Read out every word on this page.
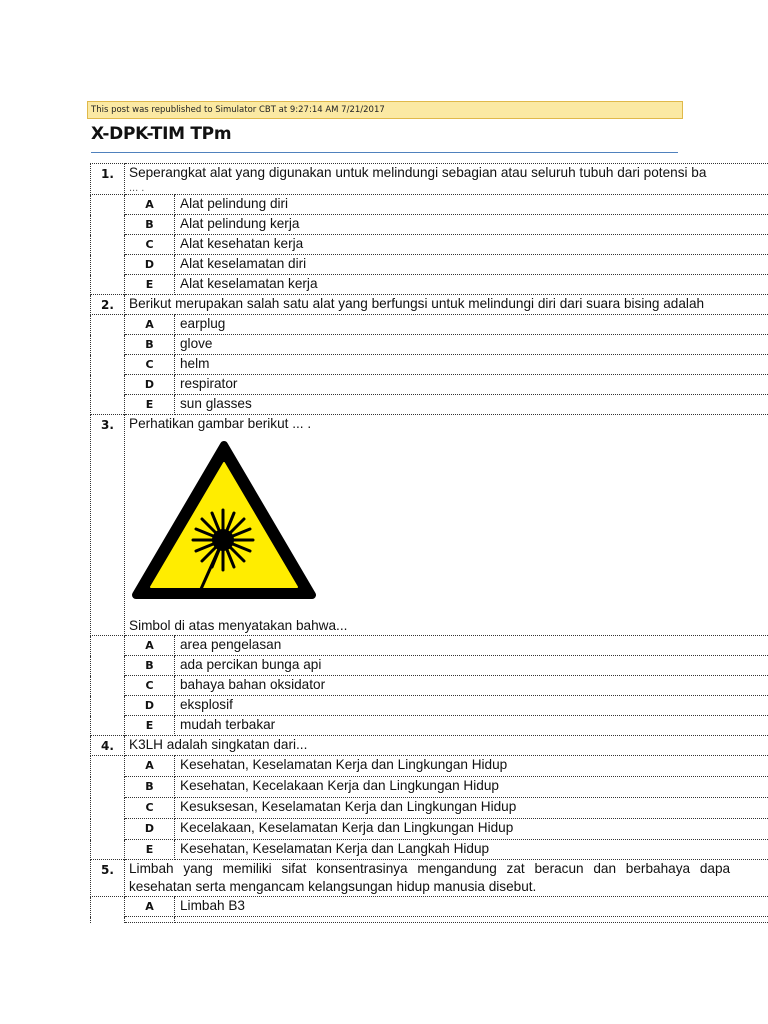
This post was republished to Simulator CBT at 9:27:14 AM 7/21/2017
X-DPK-TIM TPm
1.	Seperangkat alat yang digunakan untuk melindungi sebagian atau seluruh tubuh dari potensi ba
... .	

	A	Alat pelindung diri
	B	Alat pelindung kerja
	C	Alat kesehatan kerja
	D	Alat keselamatan diri
	E	Alat keselamatan kerja
2.	Berikut merupakan salah satu alat yang berfungsi untuk melindungi diri dari suara bising adalah	
	A	earplug
	B	glove
	C	helm
	D	respirator
	E	sun glasses
3.	Perhatikan gambar berikut ... .
Simbol di atas menyatakan bahwa...	

	A	area pengelasan
	B	ada percikan bunga api
	C	bahaya bahan oksidator
	D	eksplosif
	E	mudah terbakar
4.	K3LH adalah singkatan dari...	
	A	Kesehatan, Keselamatan Kerja dan Lingkungan Hidup
	B	Kesehatan, Kecelakaan Kerja dan Lingkungan Hidup
	C	Kesuksesan, Keselamatan Kerja dan Lingkungan Hidup
	D	Kecelakaan, Keselamatan Kerja dan Lingkungan Hidup
	E	Kesehatan, Keselamatan Kerja dan Langkah Hidup
5.	Limbah yang memiliki sifat konsentrasinya mengandung zat beracun dan berbahaya dapa
kesehatan serta mengancam kelangsungan hidup manusia disebut.	

	A	Limbah B3
